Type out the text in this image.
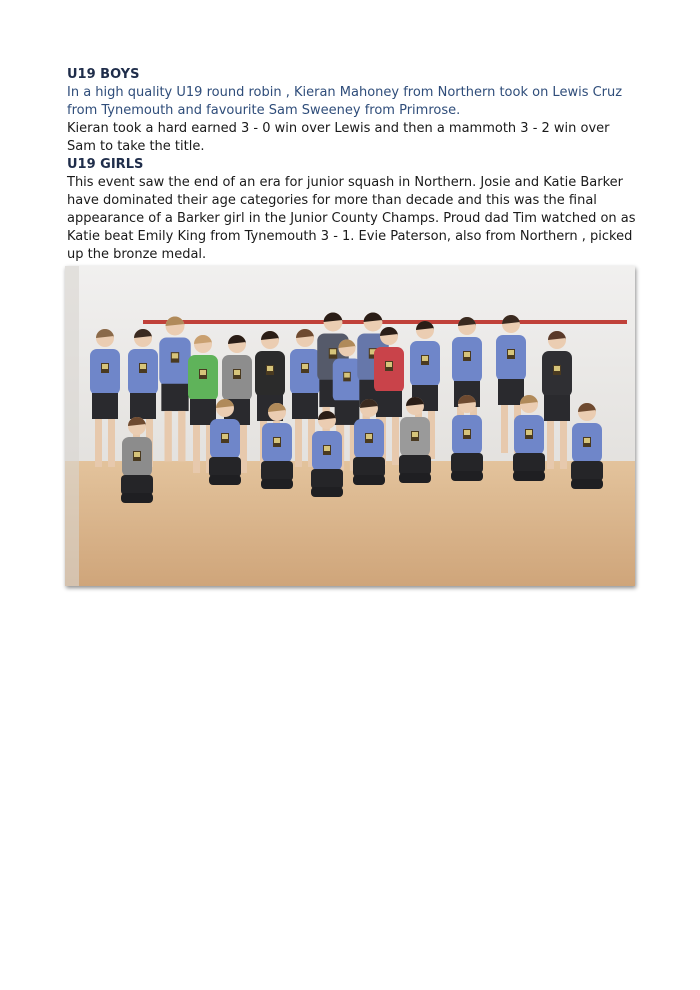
U19 BOYS

In a high quality U19 round robin , Kieran Mahoney from Northern took on Lewis Cruz from Tynemouth and favourite Sam Sweeney from Primrose.

Kieran took a hard earned 3 - 0 win over Lewis and then a mammoth 3 - 2 win over Sam to take the title.

U19 GIRLS

This event saw the end of an era for junior squash in Northern. Josie and Katie Barker have dominated their age categories for more than decade and this was the final appearance of a Barker girl in the Junior County Champs. Proud dad Tim watched on as Katie beat Emily King from Tynemouth 3 - 1. Evie Paterson, also from Northern , picked up the bronze medal.
